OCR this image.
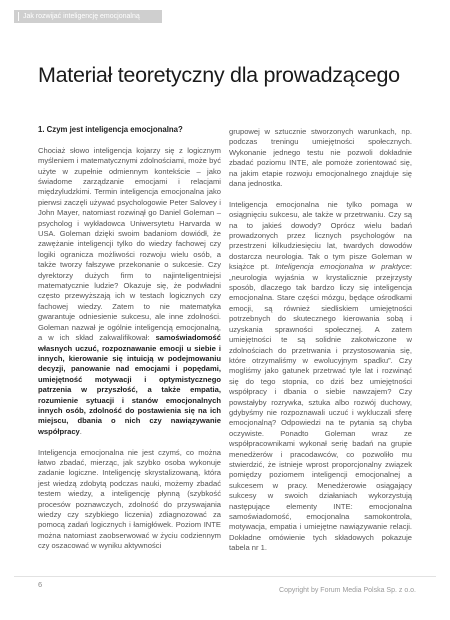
Jak rozwijać inteligencję emocjonalną
Materiał teoretyczny dla prowadzącego

1. Czym jest inteligencja emocjonalna?

Chociaż słowo inteligencja kojarzy się z logicznym myśleniem i matematycznymi zdolnościami, może być użyte w zupełnie odmiennym kontekście – jako świadome zarządzanie emocjami i relacjami międzyludzkimi. Termin inteligencja emocjonalna jako pierwsi zaczęli używać psychologowie Peter Salovey i John Mayer, natomiast rozwinął go Daniel Goleman – psycholog i wykładowca Uniwersytetu Harvarda w USA. Goleman dzięki swoim badaniom dowiódł, że zawężanie inteligencji tylko do wiedzy fachowej czy logiki ogranicza możliwości rozwoju wielu osób, a także tworzy fałszywe przekonanie o sukcesie. Czy dyrektorzy dużych firm to najinteligentniejsi matematycznie ludzie? Okazuje się, że podwładni często przewyższają ich w testach logicznych czy fachowej wiedzy. Zatem to nie matematyka gwarantuje odniesienie sukcesu, ale inne zdolności. Goleman nazwał je ogólnie inteligencją emocjonalną, a w ich skład zakwalifikował: samoświadomość własnych uczuć, rozpoznawanie emocji u siebie i innych, kierowanie się intuicją w podejmowaniu decyzji, panowanie nad emocjami i popędami, umiejętność motywacji i optymistycznego patrzenia w przyszłość, a także empatia, rozumienie sytuacji i stanów emocjonalnych innych osób, zdolność do postawienia się na ich miejscu, dbania o nich czy nawiązywanie współpracy.

Inteligencja emocjonalna nie jest czymś, co można łatwo zbadać, mierząc, jak szybko osoba wykonuje zadanie logiczne. Inteligencję skrystalizowaną, która jest wiedzą zdobytą podczas nauki, możemy zbadać testem wiedzy, a inteligencję płynną (szybkość procesów poznawczych, zdolność do przyswajania wiedzy czy szybkiego liczenia) zdiagnozować za pomocą zadań logicznych i łamigłówek. Poziom INTE można natomiast zaobserwować w życiu codziennym czy oszacować w wyniku aktywności

grupowej w sztucznie stworzonych warunkach, np. podczas treningu umiejętności społecznych. Wykonanie jednego testu nie pozwoli dokładnie zbadać poziomu INTE, ale pomoże zorientować się, na jakim etapie rozwoju emocjonalnego znajduje się dana jednostka.

Inteligencja emocjonalna nie tylko pomaga w osiągnięciu sukcesu, ale także w przetrwaniu. Czy są na to jakieś dowody? Oprócz wielu badań prowadzonych przez licznych psychologów na przestrzeni kilkudziesięciu lat, twardych dowodów dostarcza neurologia. Tak o tym pisze Goleman w książce pt. Inteligencja emocjonalna w praktyce: „neurologia wyjaśnia w krystalicznie przejrzysty sposób, dlaczego tak bardzo liczy się inteligencja emocjonalna. Stare części mózgu, będące ośrodkami emocji, są również siedliskiem umiejętności potrzebnych do skutecznego kierowania sobą i uzyskania sprawności społecznej. A zatem umiejętności te są solidnie zakotwiczone w zdolnościach do przetrwania i przystosowania się, które otrzymaliśmy w ewolucyjnym spadku”. Czy mogliśmy jako gatunek przetrwać tyle lat i rozwinąć się do tego stopnia, co dziś bez umiejętności współpracy i dbania o siebie nawzajem? Czy powstałyby rozrywka, sztuka albo rozwój duchowy, gdybyśmy nie rozpoznawali uczuć i wykluczali sferę emocjonalną? Odpowiedzi na te pytania są chyba oczywiste. Ponadto Goleman wraz ze współpracownikami wykonał serię badań na grupie menedżerów i pracodawców, co pozwoliło mu stwierdzić, że istnieje wprost proporcjonalny związek pomiędzy poziomem inteligencji emocjonalnej a sukcesem w pracy. Menedżerowie osiągający sukcesy w swoich działaniach wykorzystują następujące elementy INTE: emocjonalna samoświadomość, emocjonalna samokontrola, motywacja, empatia i umiejętne nawiązywanie relacji. Dokładne omówienie tych składowych pokazuje tabela nr 1.

6
Copyright by Forum Media Polska Sp. z o.o.
